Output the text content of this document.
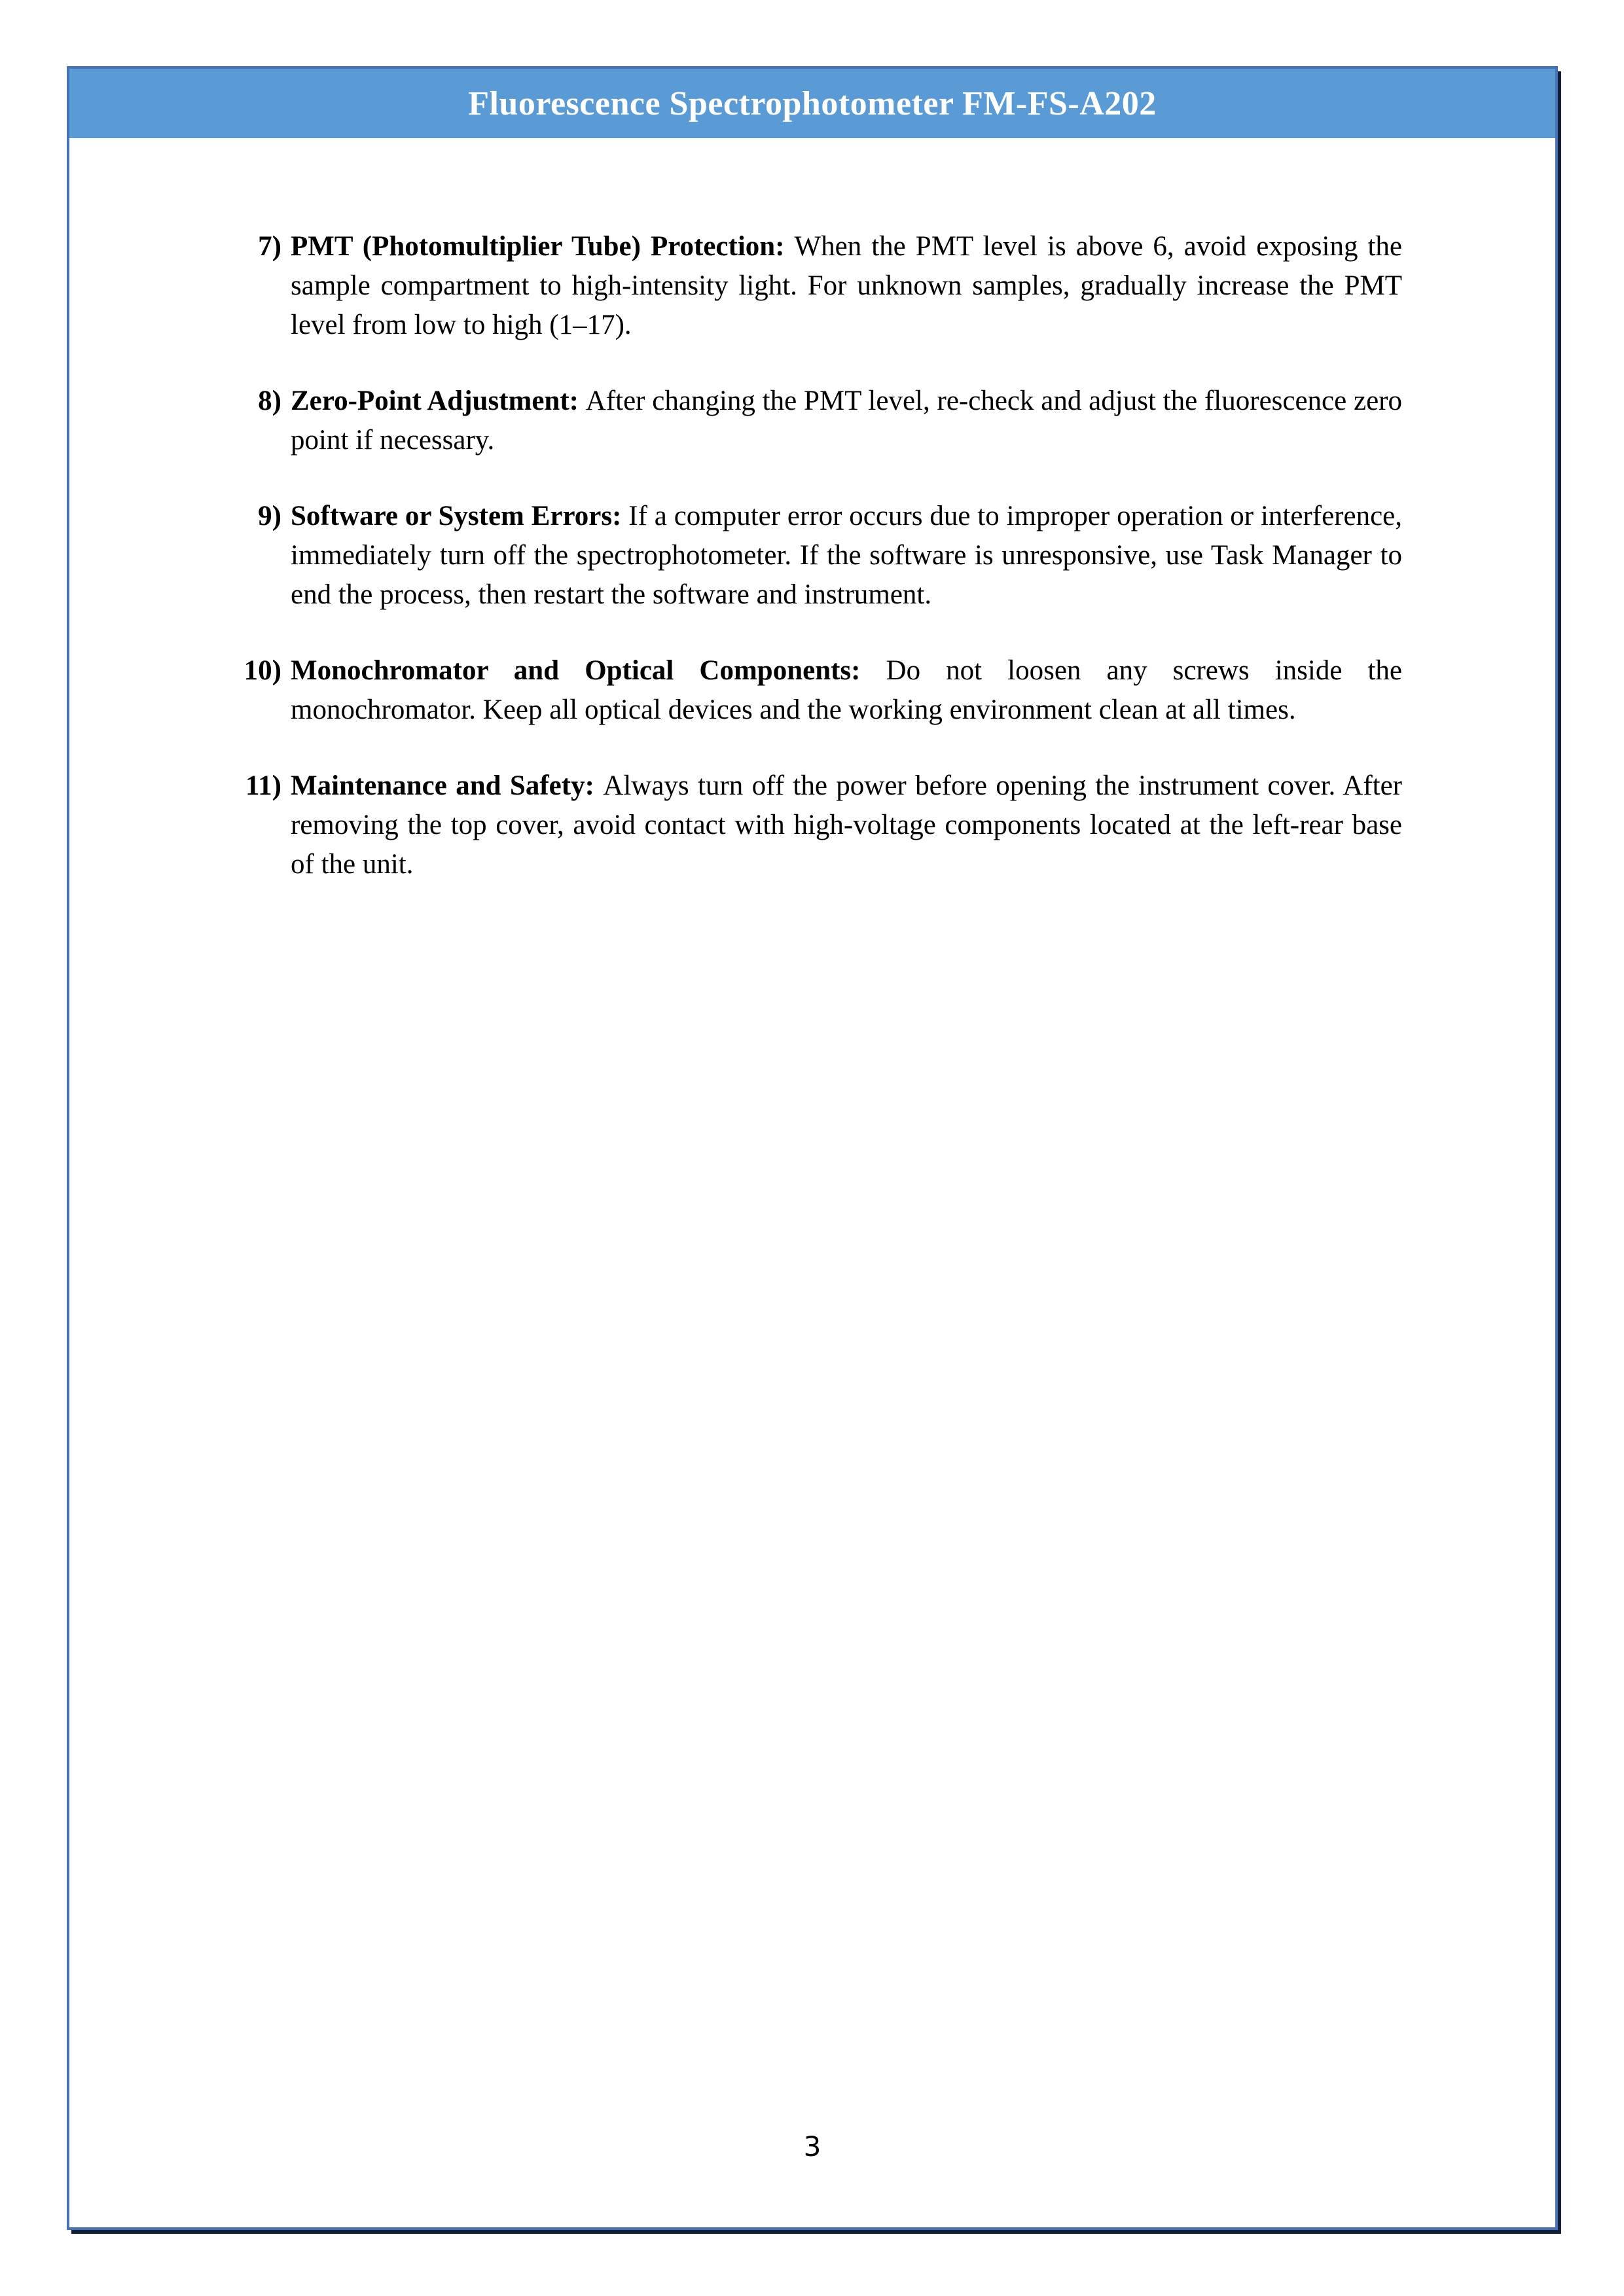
Fluorescence Spectrophotometer FM-FS-A202
7) PMT (Photomultiplier Tube) Protection: When the PMT level is above 6, avoid exposing the sample compartment to high-intensity light. For unknown samples, gradually increase the PMT level from low to high (1–17).
8) Zero-Point Adjustment: After changing the PMT level, re-check and adjust the fluorescence zero point if necessary.
9) Software or System Errors: If a computer error occurs due to improper operation or interference, immediately turn off the spectrophotometer. If the software is unresponsive, use Task Manager to end the process, then restart the software and instrument.
10) Monochromator and Optical Components: Do not loosen any screws inside the monochromator. Keep all optical devices and the working environment clean at all times.
11) Maintenance and Safety: Always turn off the power before opening the instrument cover. After removing the top cover, avoid contact with high-voltage components located at the left-rear base of the unit.
3
